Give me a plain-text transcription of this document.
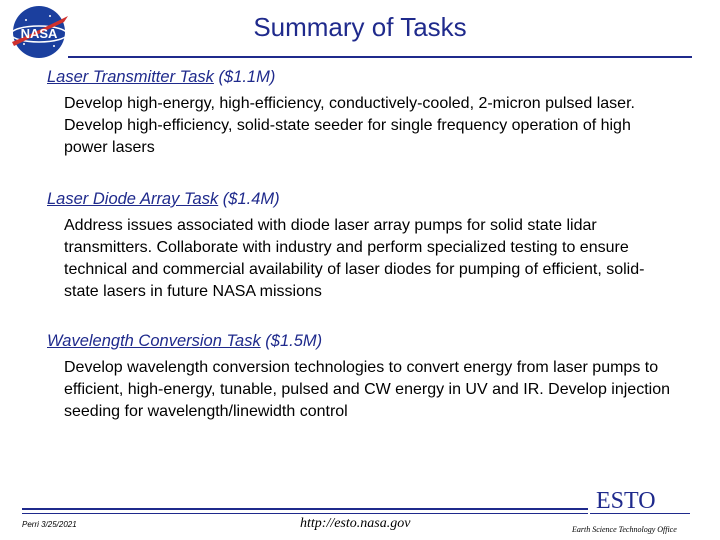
NASA	Summary of Tasks

Laser Transmitter Task ($1.1M)

Develop high-energy, high-efficiency, conductively-cooled, 2-micron pulsed laser. Develop high-efficiency, solid-state seeder for single frequency operation of high power lasers

Laser Diode Array Task ($1.4M)

Address issues associated with diode laser array pumps for solid state lidar transmitters. Collaborate with industry and perform specialized testing to ensure technical and commercial availability of laser diodes for pumping of efficient, solid-state lasers in future NASA missions

Wavelength Conversion Task ($1.5M)

Develop wavelength conversion technologies to convert energy from laser pumps to efficient, high-energy, tunable, pulsed and CW energy in UV and IR. Develop injection seeding for wavelength/linewidth control

Perri 3/25/2021	http://esto.nasa.gov
ESTO
Earth Science Technology Office
